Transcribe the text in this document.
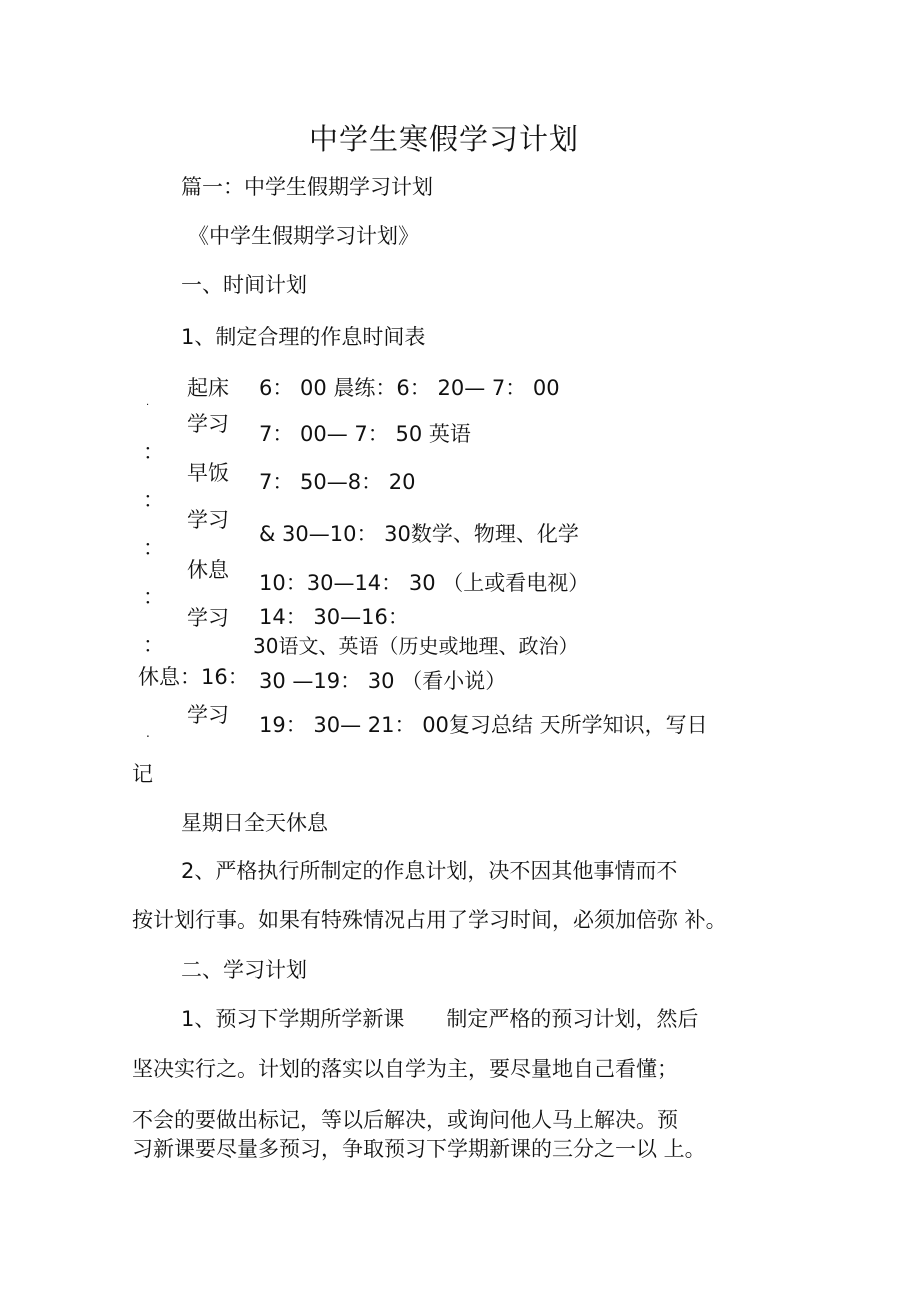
中学生寒假学习计划
篇一：中学生假期学习计划
《中学生假期学习计划》
一、时间计划
1、制定合理的作息时间表
起床 6： 00 晨练：6： 20— 7： 00
.
学习 7： 00— 7： 50 英语
：
早饭 7： 50—8： 20
：
学习
& 30—10： 30数学、物理、化学
：
休息
10：30—14： 30 （上或看电视）
：
学习 14： 30—16：
：	30语文、英语（历史或地理、政治）
休息：16： 30 —19： 30 （看小说）
学习 19： 30— 21： 00复习总结 天所学知识，写日
.
记
星期日全天休息
2、严格执行所制定的作息计划，决不因其他事情而不
按计划行事。如果有特殊情况占用了学习时间，必须加倍弥 补。
二、学习计划
1、预习下学期所学新课　　制定严格的预习计划，然后
坚决实行之。计划的落实以自学为主，要尽量地自己看懂；
不会的要做出标记，等以后解决，或询问他人马上解决。预
习新课要尽量多预习，争取预习下学期新课的三分之一以 上。
